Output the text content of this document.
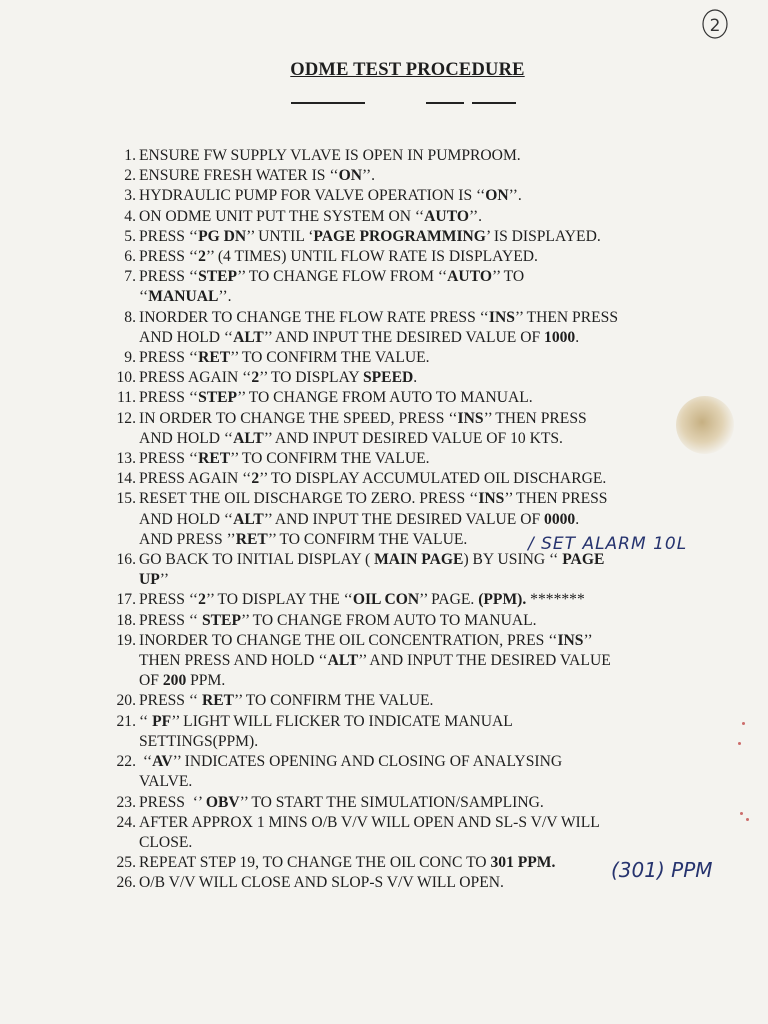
2
ODME TEST PROCEDURE
1. ENSURE FW SUPPLY VLAVE IS OPEN IN PUMPROOM.
2. ENSURE FRESH WATER IS ‘‘ON’’.
3. HYDRAULIC PUMP FOR VALVE OPERATION IS ‘‘ON’’.
4. ON ODME UNIT PUT THE SYSTEM ON ‘‘AUTO’’.
5. PRESS ‘‘PG DN’’ UNTIL ‘PAGE PROGRAMMING’ IS DISPLAYED.
6. PRESS ‘‘2’’ (4 TIMES) UNTIL FLOW RATE IS DISPLAYED.
7. PRESS ‘‘STEP’’ TO CHANGE FLOW FROM ‘‘AUTO’’ TO
‘‘MANUAL’’.
8. INORDER TO CHANGE THE FLOW RATE PRESS ‘‘INS’’ THEN PRESS
AND HOLD ‘‘ALT’’ AND INPUT THE DESIRED VALUE OF 1000.
9. PRESS ‘‘RET’’ TO CONFIRM THE VALUE.
10. PRESS AGAIN ‘‘2’’ TO DISPLAY SPEED.
11. PRESS ‘‘STEP’’ TO CHANGE FROM AUTO TO MANUAL.
12. IN ORDER TO CHANGE THE SPEED, PRESS ‘‘INS’’ THEN PRESS
AND HOLD ‘‘ALT’’ AND INPUT DESIRED VALUE OF 10 KTS.
13. PRESS ‘‘RET’’ TO CONFIRM THE VALUE.
14. PRESS AGAIN ‘‘2’’ TO DISPLAY ACCUMULATED OIL DISCHARGE.
15. RESET THE OIL DISCHARGE TO ZERO. PRESS ‘‘INS’’ THEN PRESS
AND HOLD ‘‘ALT’’ AND INPUT THE DESIRED VALUE OF 0000.
AND PRESS ’’RET’’ TO CONFIRM THE VALUE.
16. GO BACK TO INITIAL DISPLAY ( MAIN PAGE) BY USING ‘‘ PAGE
UP’’
17. PRESS ‘‘2’’ TO DISPLAY THE ‘‘OIL CON’’ PAGE. (PPM). *******
18. PRESS ‘‘ STEP’’ TO CHANGE FROM AUTO TO MANUAL.
19. INORDER TO CHANGE THE OIL CONCENTRATION, PRES ‘‘INS’’
THEN PRESS AND HOLD ‘‘ALT’’ AND INPUT THE DESIRED VALUE
OF 200 PPM.
20. PRESS ‘‘ RET’’ TO CONFIRM THE VALUE.
21. ‘‘ PF’’ LIGHT WILL FLICKER TO INDICATE MANUAL
SETTINGS(PPM).
22. ‘‘AV’’ INDICATES OPENING AND CLOSING OF ANALYSING
VALVE.
23. PRESS  ‘’ OBV’’ TO START THE SIMULATION/SAMPLING.
24. AFTER APPROX 1 MINS O/B V/V WILL OPEN AND SL-S V/V WILL
CLOSE.
25. REPEAT STEP 19, TO CHANGE THE OIL CONC TO 301 PPM.
26. O/B V/V WILL CLOSE AND SLOP-S V/V WILL OPEN.
/ SET ALARM 10L
(301) PPM
